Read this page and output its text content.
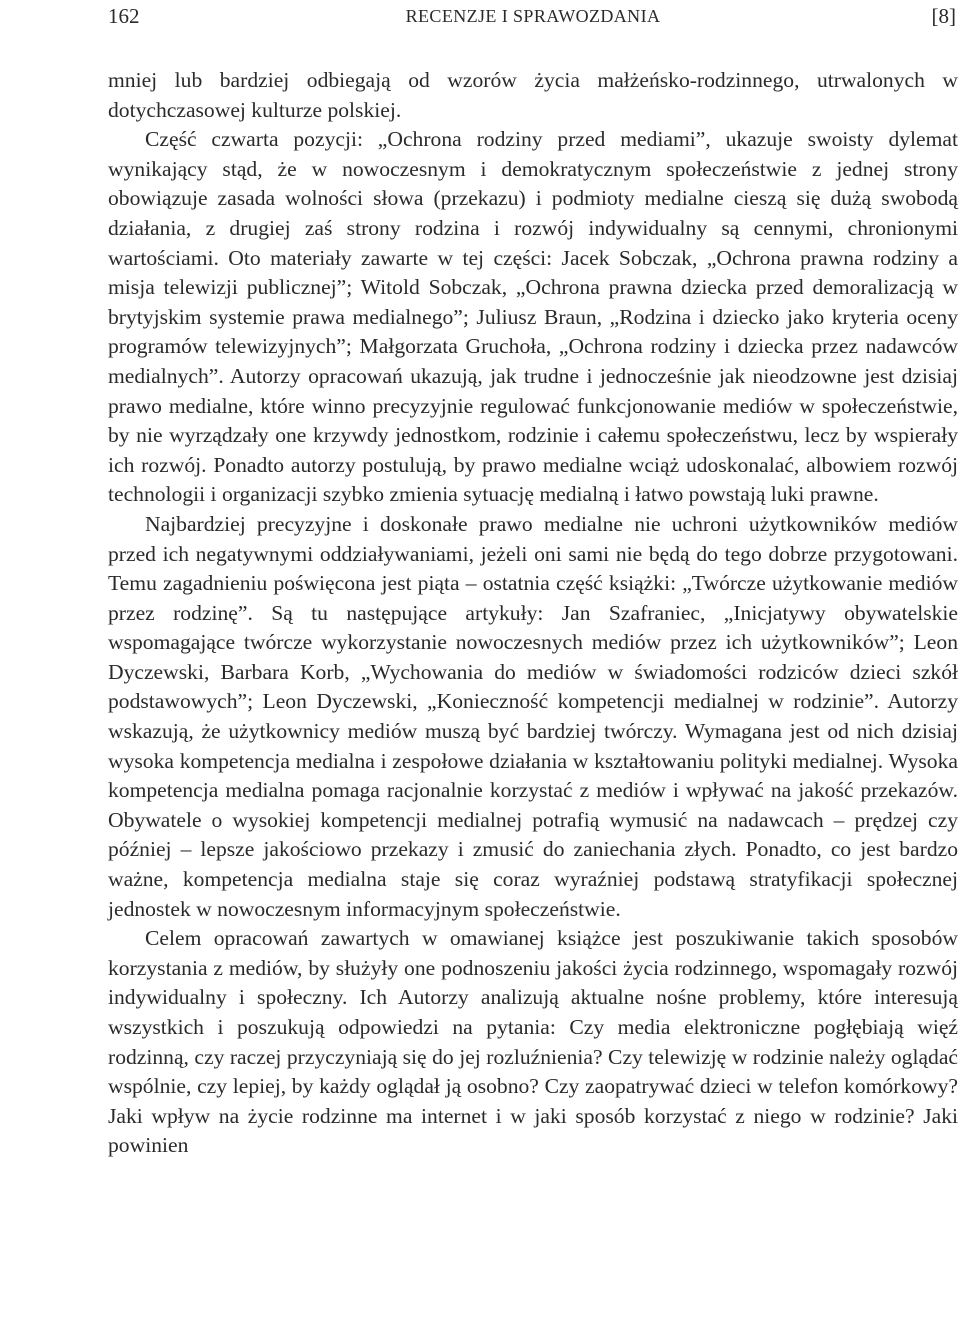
162	RECENZJE I SPRAWOZDANIA	[8]

mniej lub bardziej odbiegają od wzorów życia małżeńsko-rodzinnego, utrwalonych w dotychczasowej kulturze polskiej.

Część czwarta pozycji: „Ochrona rodziny przed mediami”, ukazuje swoisty dylemat wynikający stąd, że w nowoczesnym i demokratycznym społeczeństwie z jednej strony obowiązuje zasada wolności słowa (przekazu) i podmioty medialne cieszą się dużą swobodą działania, z drugiej zaś strony rodzina i rozwój indywidualny są cennymi, chronionymi wartościami. Oto materiały zawarte w tej części: Jacek Sobczak, „Ochrona prawna rodziny a misja telewizji publicznej”; Witold Sobczak, „Ochrona prawna dziecka przed demoralizacją w brytyjskim systemie prawa medialnego”; Juliusz Braun, „Rodzina i dziecko jako kryteria oceny programów telewizyjnych”; Małgorzata Gruchoła, „Ochrona rodziny i dziecka przez nadawców medialnych”. Autorzy opracowań ukazują, jak trudne i jednocześnie jak nieodzowne jest dzisiaj prawo medialne, które winno precyzyjnie regulować funkcjonowanie mediów w społeczeństwie, by nie wyrządzały one krzywdy jednostkom, rodzinie i całemu społeczeństwu, lecz by wspierały ich rozwój. Ponadto autorzy postulują, by prawo medialne wciąż udoskonalać, albowiem rozwój technologii i organizacji szybko zmienia sytuację medialną i łatwo powstają luki prawne.

Najbardziej precyzyjne i doskonałe prawo medialne nie uchroni użytkowników mediów przed ich negatywnymi oddziaływaniami, jeżeli oni sami nie będą do tego dobrze przygotowani. Temu zagadnieniu poświęcona jest piąta – ostatnia część książki: „Twórcze użytkowanie mediów przez rodzinę”. Są tu następujące artykuły: Jan Szafraniec, „Inicjatywy obywatelskie wspomagające twórcze wykorzystanie nowoczesnych mediów przez ich użytkowników”; Leon Dyczewski, Barbara Korb, „Wychowania do mediów w świadomości rodziców dzieci szkół podstawowych”; Leon Dyczewski, „Konieczność kompetencji medialnej w rodzinie”. Autorzy wskazują, że użytkownicy mediów muszą być bardziej twórczy. Wymagana jest od nich dzisiaj wysoka kompetencja medialna i zespołowe działania w kształtowaniu polityki medialnej. Wysoka kompetencja medialna pomaga racjonalnie korzystać z mediów i wpływać na jakość przekazów. Obywatele o wysokiej kompetencji medialnej potrafią wymusić na nadawcach – prędzej czy później – lepsze jakościowo przekazy i zmusić do zaniechania złych. Ponadto, co jest bardzo ważne, kompetencja medialna staje się coraz wyraźniej podstawą stratyfikacji społecznej jednostek w nowoczesnym informacyjnym społeczeństwie.

Celem opracowań zawartych w omawianej książce jest poszukiwanie takich sposobów korzystania z mediów, by służyły one podnoszeniu jakości życia rodzinnego, wspomagały rozwój indywidualny i społeczny. Ich Autorzy analizują aktualne nośne problemy, które interesują wszystkich i poszukują odpowiedzi na pytania: Czy media elektroniczne pogłębiają więź rodzinną, czy raczej przyczyniają się do jej rozluźnienia? Czy telewizję w rodzinie należy oglądać wspólnie, czy lepiej, by każdy oglądał ją osobno? Czy zaopatrywać dzieci w telefon komórkowy? Jaki wpływ na życie rodzinne ma internet i w jaki sposób korzystać z niego w rodzinie? Jaki powinien
